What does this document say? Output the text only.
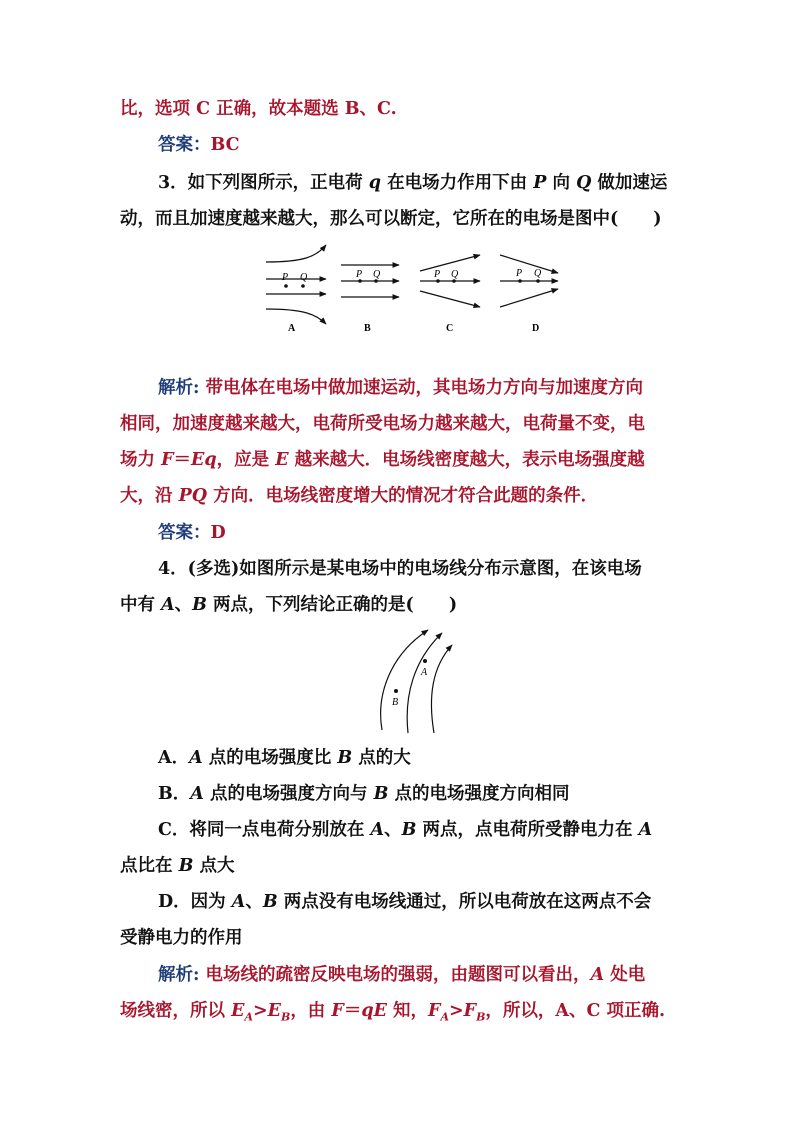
比，选项 C 正确，故本题选 B、C.
答案：BC
3．如下列图所示，正电荷 q 在电场力作用下由 P 向 Q 做加速运
动，而且加速度越来越大，那么可以断定，它所在的电场是图中(　　)
P Q
A
P Q
B
P Q
C
P Q
D
解析: 带电体在电场中做加速运动，其电场力方向与加速度方向
相同，加速度越来越大，电荷所受电场力越来越大，电荷量不变，电
场力 F＝Eq，应是 E 越来越大．电场线密度越大，表示电场强度越
大，沿 PQ 方向．电场线密度增大的情况才符合此题的条件．
答案：D
4．(多选)如图所示是某电场中的电场线分布示意图，在该电场
中有 A、B 两点，下列结论正确的是(　　)
A
B
A．A 点的电场强度比 B 点的大
B．A 点的电场强度方向与 B 点的电场强度方向相同
C．将同一点电荷分别放在 A、B 两点，点电荷所受静电力在 A
点比在 B 点大
D．因为 A、B 两点没有电场线通过，所以电荷放在这两点不会
受静电力的作用
解析: 电场线的疏密反映电场的强弱，由题图可以看出，A 处电
场线密，所以 $E_A>E_B$，由 F＝qE 知，$F_A>F_B$，所以，A、C 项正确.
